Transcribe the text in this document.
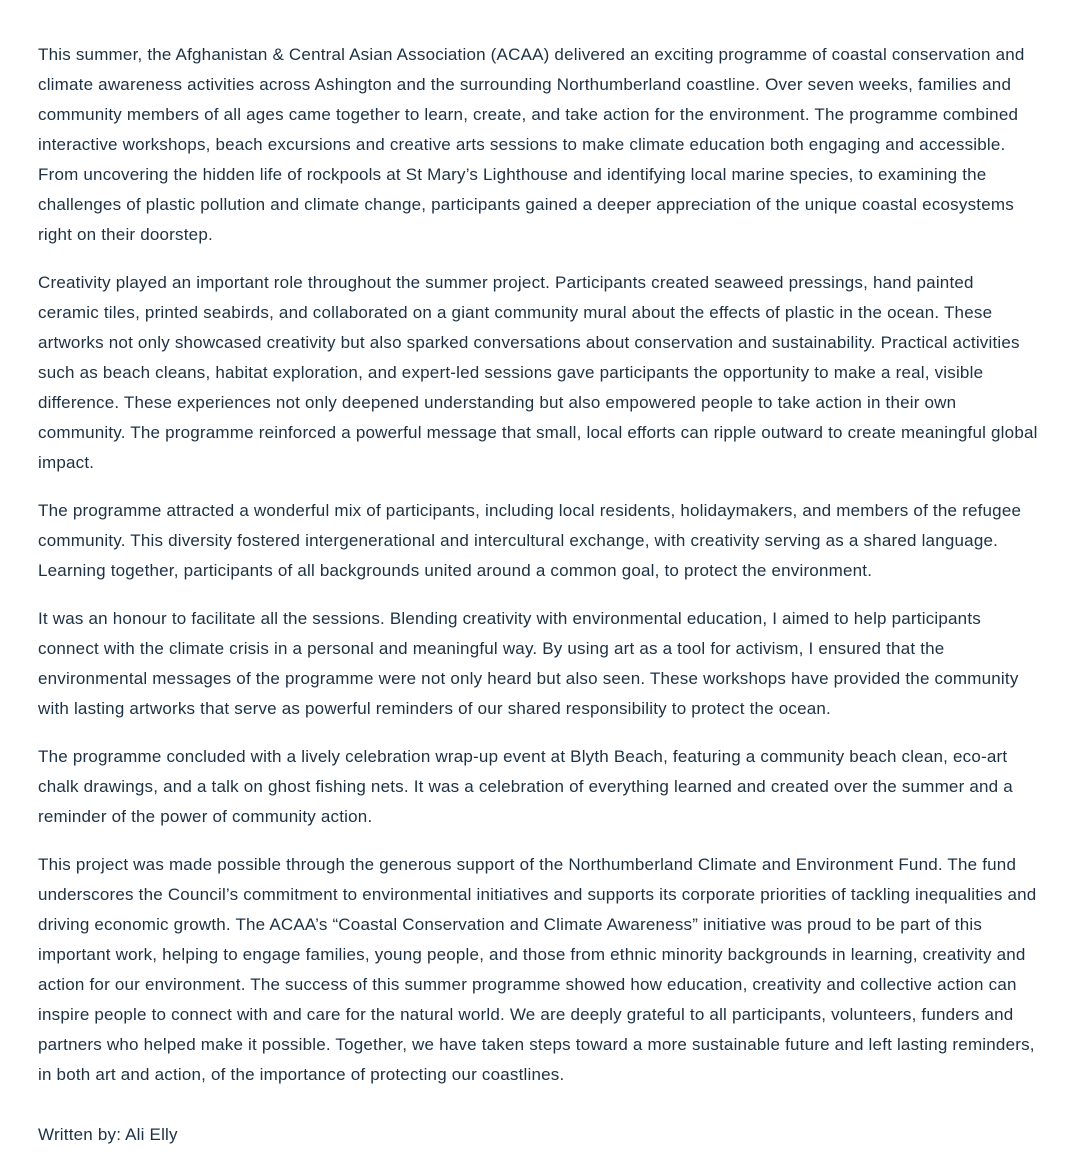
This summer, the Afghanistan & Central Asian Association (ACAA) delivered an exciting programme of coastal conservation and climate awareness activities across Ashington and the surrounding Northumberland coastline. Over seven weeks, families and community members of all ages came together to learn, create, and take action for the environment. The programme combined interactive workshops, beach excursions and creative arts sessions to make climate education both engaging and accessible. From uncovering the hidden life of rockpools at St Mary’s Lighthouse and identifying local marine species, to examining the challenges of plastic pollution and climate change, participants gained a deeper appreciation of the unique coastal ecosystems right on their doorstep.

Creativity played an important role throughout the summer project. Participants created seaweed pressings, hand painted ceramic tiles, printed seabirds, and collaborated on a giant community mural about the effects of plastic in the ocean. These artworks not only showcased creativity but also sparked conversations about conservation and sustainability. Practical activities such as beach cleans, habitat exploration, and expert-led sessions gave participants the opportunity to make a real, visible difference. These experiences not only deepened understanding but also empowered people to take action in their own community. The programme reinforced a powerful message that small, local efforts can ripple outward to create meaningful global impact.

The programme attracted a wonderful mix of participants, including local residents, holidaymakers, and members of the refugee community. This diversity fostered intergenerational and intercultural exchange, with creativity serving as a shared language. Learning together, participants of all backgrounds united around a common goal, to protect the environment.

It was an honour to facilitate all the sessions. Blending creativity with environmental education, I aimed to help participants connect with the climate crisis in a personal and meaningful way. By using art as a tool for activism, I ensured that the environmental messages of the programme were not only heard but also seen. These workshops have provided the community with lasting artworks that serve as powerful reminders of our shared responsibility to protect the ocean.

The programme concluded with a lively celebration wrap-up event at Blyth Beach, featuring a community beach clean, eco-art chalk drawings, and a talk on ghost fishing nets. It was a celebration of everything learned and created over the summer and a reminder of the power of community action.

This project was made possible through the generous support of the Northumberland Climate and Environment Fund. The fund underscores the Council’s commitment to environmental initiatives and supports its corporate priorities of tackling inequalities and driving economic growth. The ACAA’s “Coastal Conservation and Climate Awareness” initiative was proud to be part of this important work, helping to engage families, young people, and those from ethnic minority backgrounds in learning, creativity and action for our environment. The success of this summer programme showed how education, creativity and collective action can inspire people to connect with and care for the natural world. We are deeply grateful to all participants, volunteers, funders and partners who helped make it possible. Together, we have taken steps toward a more sustainable future and left lasting reminders, in both art and action, of the importance of protecting our coastlines.

Written by: Ali Elly
